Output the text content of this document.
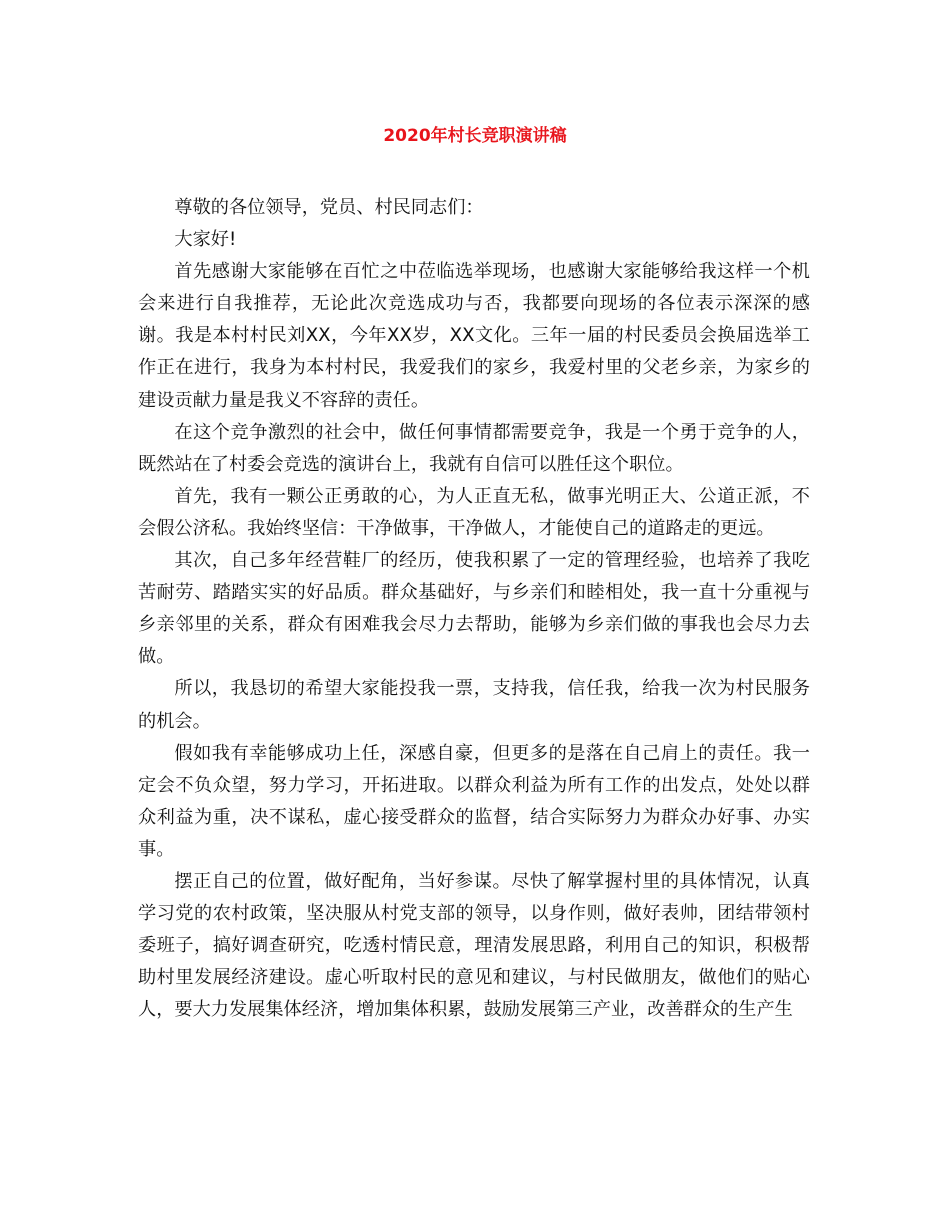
2020年村长竞职演讲稿

尊敬的各位领导，党员、村民同志们：

大家好!

首先感谢大家能够在百忙之中莅临选举现场，也感谢大家能够给我这样一个机会来进行自我推荐，无论此次竞选成功与否，我都要向现场的各位表示深深的感谢。我是本村村民刘XX，今年XX岁，XX文化。三年一届的村民委员会换届选举工作正在进行，我身为本村村民，我爱我们的家乡，我爱村里的父老乡亲，为家乡的建设贡献力量是我义不容辞的责任。

在这个竞争激烈的社会中，做任何事情都需要竞争，我是一个勇于竞争的人，既然站在了村委会竞选的演讲台上，我就有自信可以胜任这个职位。

首先，我有一颗公正勇敢的心，为人正直无私，做事光明正大、公道正派，不会假公济私。我始终坚信：干净做事，干净做人，才能使自己的道路走的更远。

其次，自己多年经营鞋厂的经历，使我积累了一定的管理经验，也培养了我吃苦耐劳、踏踏实实的好品质。群众基础好，与乡亲们和睦相处，我一直十分重视与乡亲邻里的关系，群众有困难我会尽力去帮助，能够为乡亲们做的事我也会尽力去做。

所以，我恳切的希望大家能投我一票，支持我，信任我，给我一次为村民服务的机会。

假如我有幸能够成功上任，深感自豪，但更多的是落在自己肩上的责任。我一定会不负众望，努力学习，开拓进取。以群众利益为所有工作的出发点，处处以群众利益为重，决不谋私，虚心接受群众的监督，结合实际努力为群众办好事、办实事。

摆正自己的位置，做好配角，当好参谋。尽快了解掌握村里的具体情况，认真学习党的农村政策，坚决服从村党支部的领导，以身作则，做好表帅，团结带领村委班子，搞好调查研究，吃透村情民意，理清发展思路，利用自己的知识，积极帮助村里发展经济建设。虚心听取村民的意见和建议，与村民做朋友，做他们的贴心人，要大力发展集体经济，增加集体积累，鼓励发展第三产业，改善群众的生产生
